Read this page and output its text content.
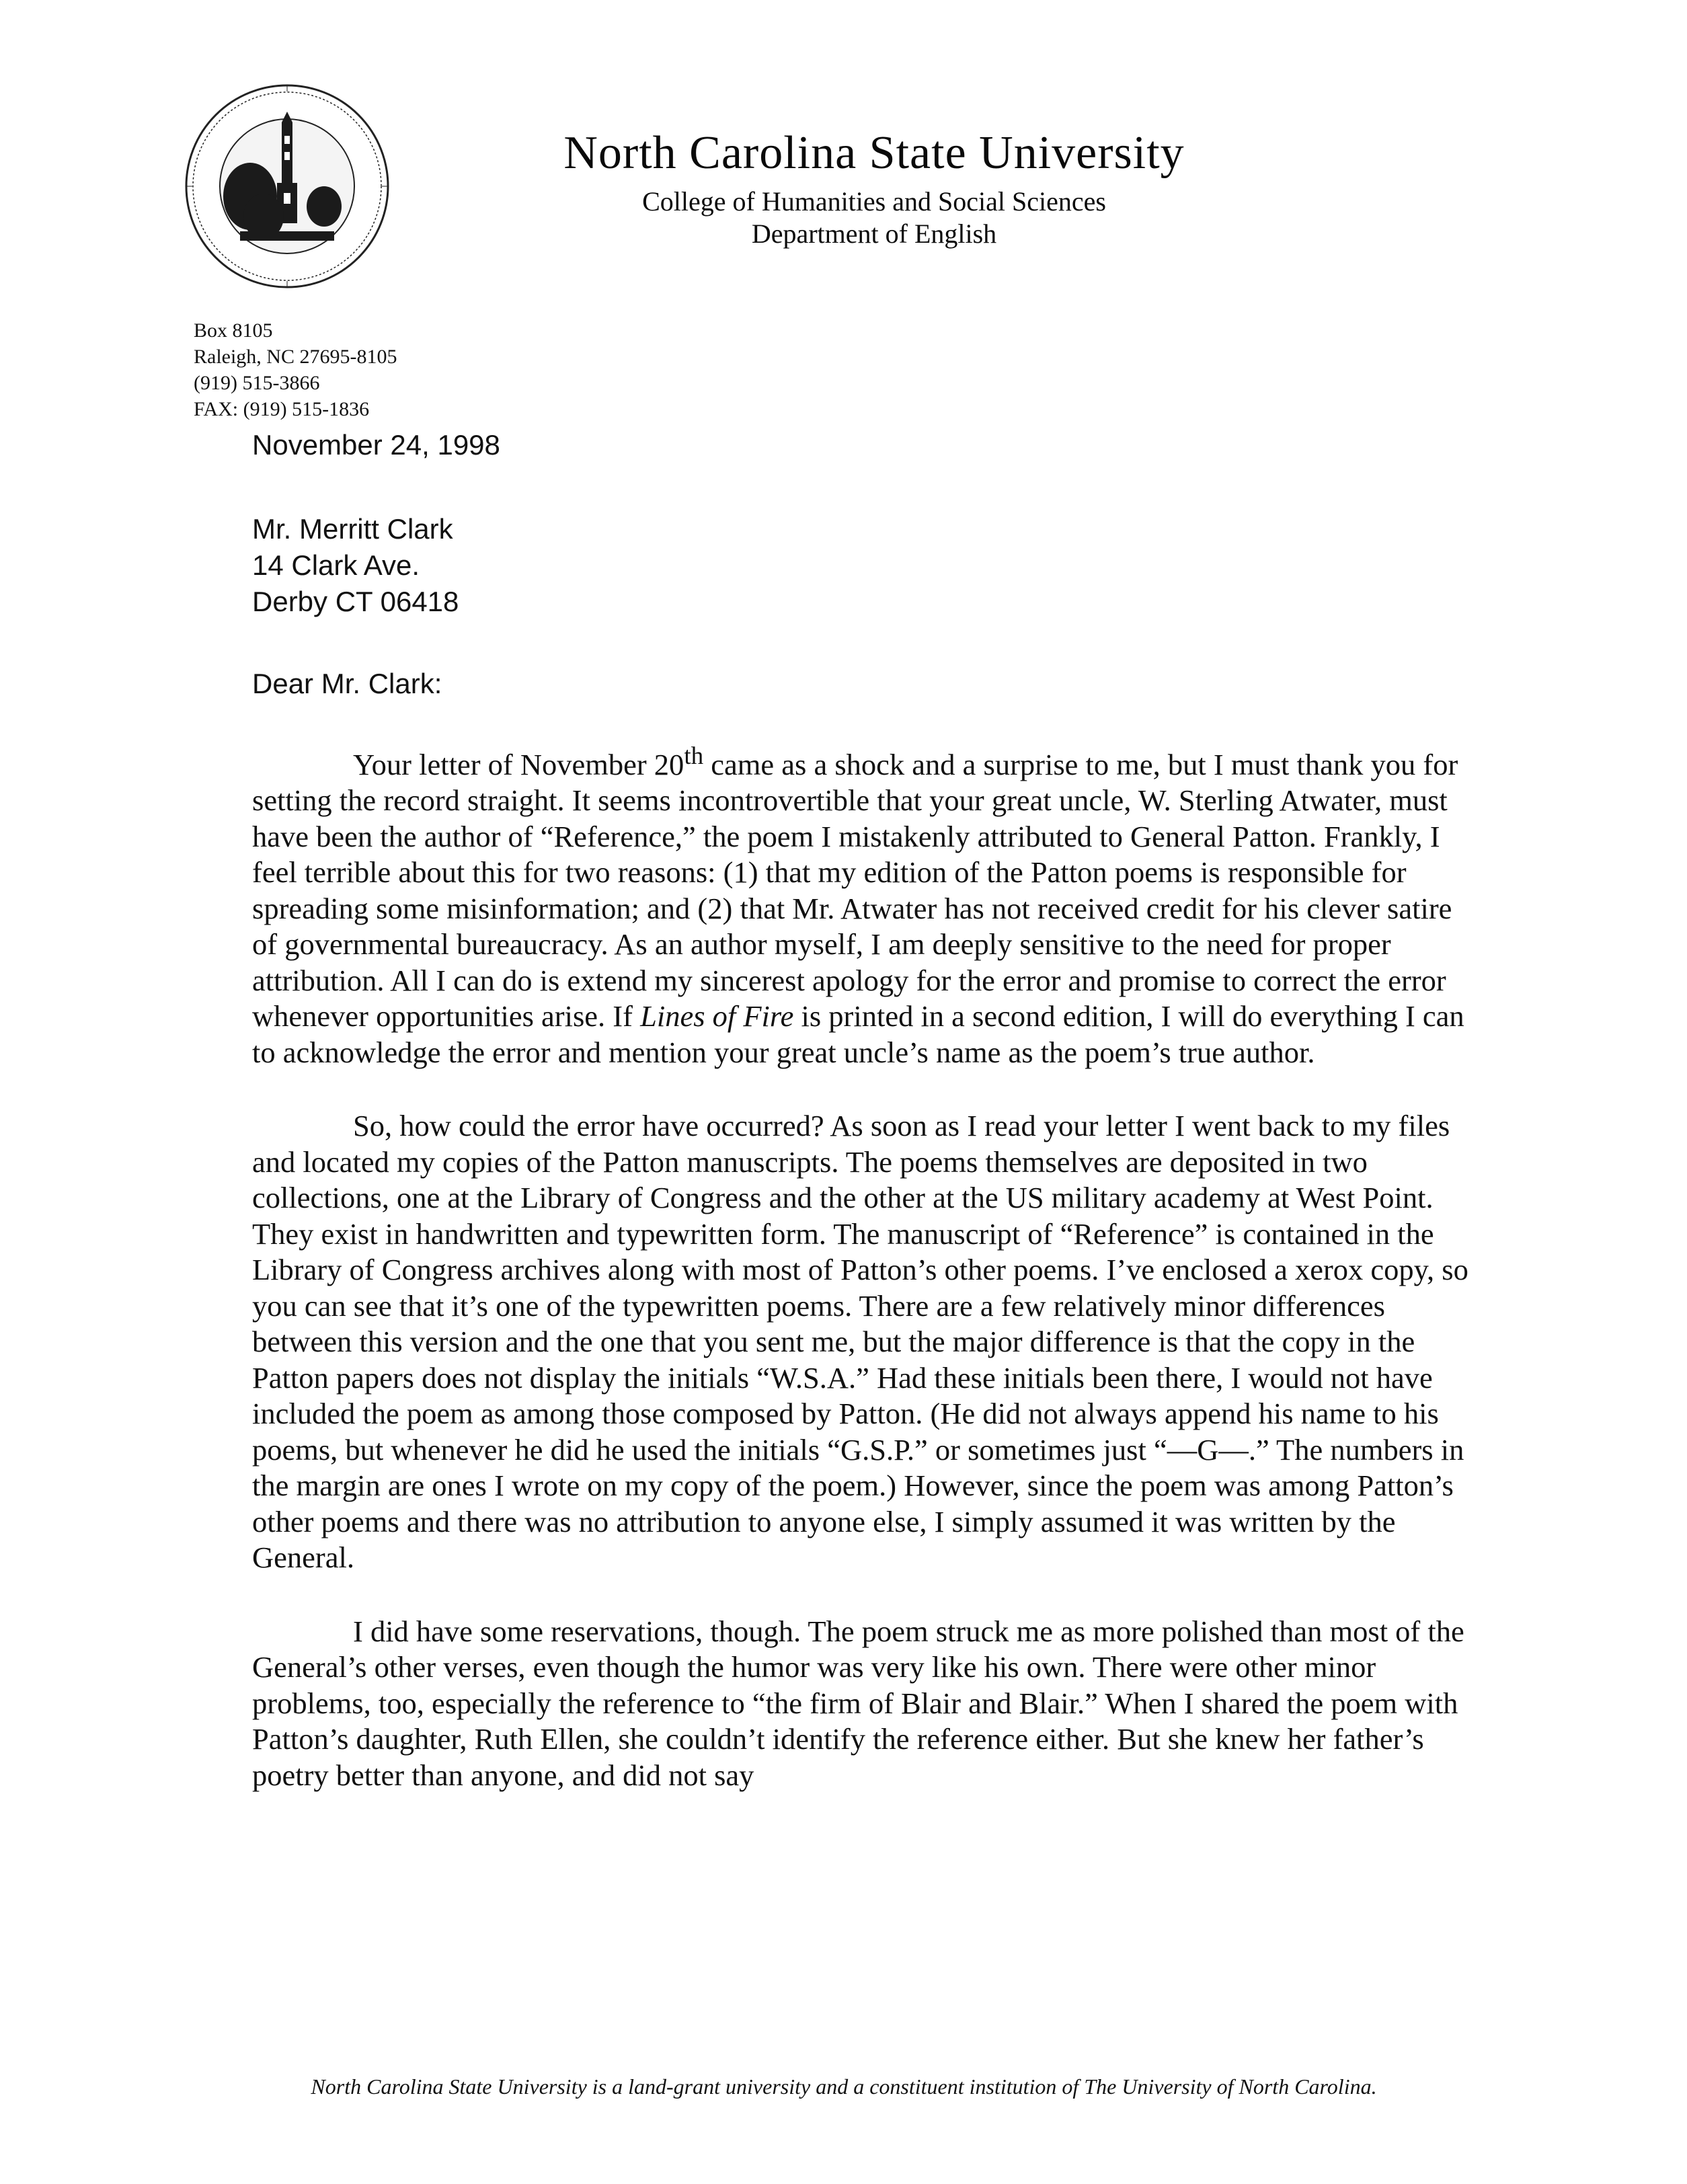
North Carolina State University
College of Humanities and Social Sciences
Department of English
Box 8105
Raleigh, NC 27695-8105
(919) 515-3866
FAX: (919) 515-1836
November 24, 1998
Mr. Merritt Clark
14 Clark Ave.
Derby CT 06418
Dear Mr. Clark:

Your letter of November 20th came as a shock and a surprise to me, but I must thank you for setting the record straight. It seems incontrovertible that your great uncle, W. Sterling Atwater, must have been the author of “Reference,” the poem I mistakenly attributed to General Patton. Frankly, I feel terrible about this for two reasons: (1) that my edition of the Patton poems is responsible for spreading some misinformation; and (2) that Mr. Atwater has not received credit for his clever satire of governmental bureaucracy. As an author myself, I am deeply sensitive to the need for proper attribution. All I can do is extend my sincerest apology for the error and promise to correct the error whenever opportunities arise. If Lines of Fire is printed in a second edition, I will do everything I can to acknowledge the error and mention your great uncle’s name as the poem’s true author.

So, how could the error have occurred? As soon as I read your letter I went back to my files and located my copies of the Patton manuscripts. The poems themselves are deposited in two collections, one at the Library of Congress and the other at the US military academy at West Point. They exist in handwritten and typewritten form. The manuscript of “Reference” is contained in the Library of Congress archives along with most of Patton’s other poems. I’ve enclosed a xerox copy, so you can see that it’s one of the typewritten poems. There are a few relatively minor differences between this version and the one that you sent me, but the major difference is that the copy in the Patton papers does not display the initials “W.S.A.” Had these initials been there, I would not have included the poem as among those composed by Patton. (He did not always append his name to his poems, but whenever he did he used the initials “G.S.P.” or sometimes just “—G—.” The numbers in the margin are ones I wrote on my copy of the poem.) However, since the poem was among Patton’s other poems and there was no attribution to anyone else, I simply assumed it was written by the General.

I did have some reservations, though. The poem struck me as more polished than most of the General’s other verses, even though the humor was very like his own. There were other minor problems, too, especially the reference to “the firm of Blair and Blair.” When I shared the poem with Patton’s daughter, Ruth Ellen, she couldn’t identify the reference either. But she knew her father’s poetry better than anyone, and did not say

North Carolina State University is a land-grant university and a constituent institution of The University of North Carolina.
